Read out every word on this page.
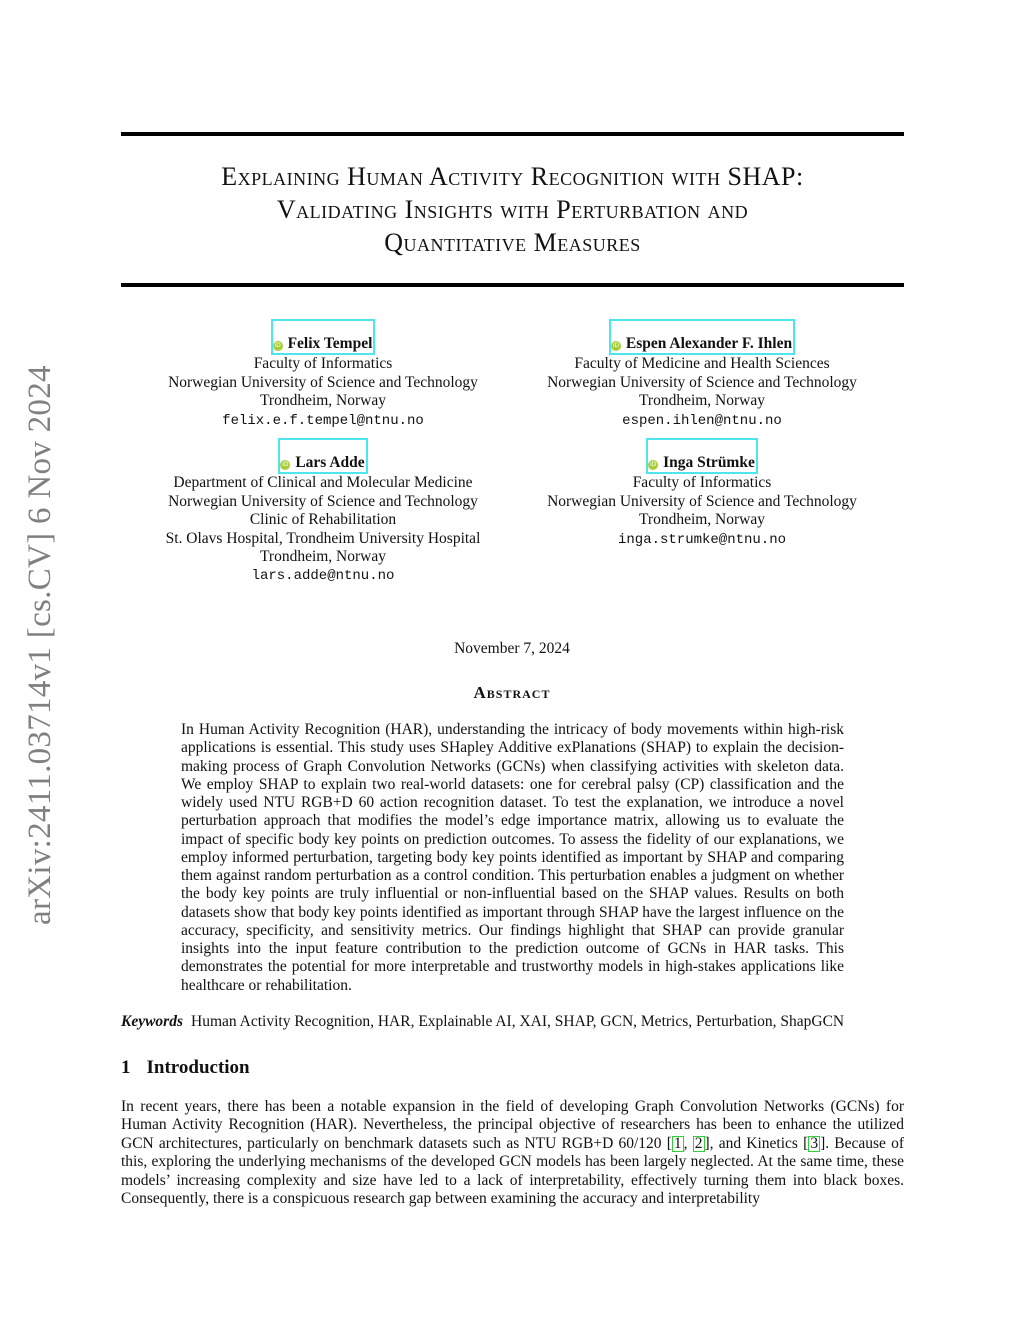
arXiv:2411.03714v1 [cs.CV] 6 Nov 2024
Explaining Human Activity Recognition with SHAP:
Validating Insights with Perturbation and
Quantitative Measures
iD Felix Tempel
Faculty of Informatics
Norwegian University of Science and Technology
Trondheim, Norway
felix.e.f.tempel@ntnu.no
iD Espen Alexander F. Ihlen
Faculty of Medicine and Health Sciences
Norwegian University of Science and Technology
Trondheim, Norway
espen.ihlen@ntnu.no
iD Lars Adde
Department of Clinical and Molecular Medicine
Norwegian University of Science and Technology
Clinic of Rehabilitation
St. Olavs Hospital, Trondheim University Hospital
Trondheim, Norway
lars.adde@ntnu.no
iD Inga Strümke
Faculty of Informatics
Norwegian University of Science and Technology
Trondheim, Norway
inga.strumke@ntnu.no
November 7, 2024
Abstract
In Human Activity Recognition (HAR), understanding the intricacy of body movements within high-risk applications is essential. This study uses SHapley Additive exPlanations (SHAP) to explain the decision-making process of Graph Convolution Networks (GCNs) when classifying activities with skeleton data. We employ SHAP to explain two real-world datasets: one for cerebral palsy (CP) classification and the widely used NTU RGB+D 60 action recognition dataset. To test the explanation, we introduce a novel perturbation approach that modifies the model’s edge importance matrix, allowing us to evaluate the impact of specific body key points on prediction outcomes. To assess the fidelity of our explanations, we employ informed perturbation, targeting body key points identified as important by SHAP and comparing them against random perturbation as a control condition. This perturbation enables a judgment on whether the body key points are truly influential or non-influential based on the SHAP values. Results on both datasets show that body key points identified as important through SHAP have the largest influence on the accuracy, specificity, and sensitivity metrics. Our findings highlight that SHAP can provide granular insights into the input feature contribution to the prediction outcome of GCNs in HAR tasks. This demonstrates the potential for more interpretable and trustworthy models in high-stakes applications like healthcare or rehabilitation.
Keywords Human Activity Recognition, HAR, Explainable AI, XAI, SHAP, GCN, Metrics, Perturbation, ShapGCN
1 Introduction
In recent years, there has been a notable expansion in the field of developing Graph Convolution Networks (GCNs) for Human Activity Recognition (HAR). Nevertheless, the principal objective of researchers has been to enhance the utilized GCN architectures, particularly on benchmark datasets such as NTU RGB+D 60/120 [ 1 , 2 ], and Kinetics [ 3 ]. Because of this, exploring the underlying mechanisms of the developed GCN models has been largely neglected. At the same time, these models’ increasing complexity and size have led to a lack of interpretability, effectively turning them into black boxes. Consequently, there is a conspicuous research gap between examining the accuracy and interpretability
